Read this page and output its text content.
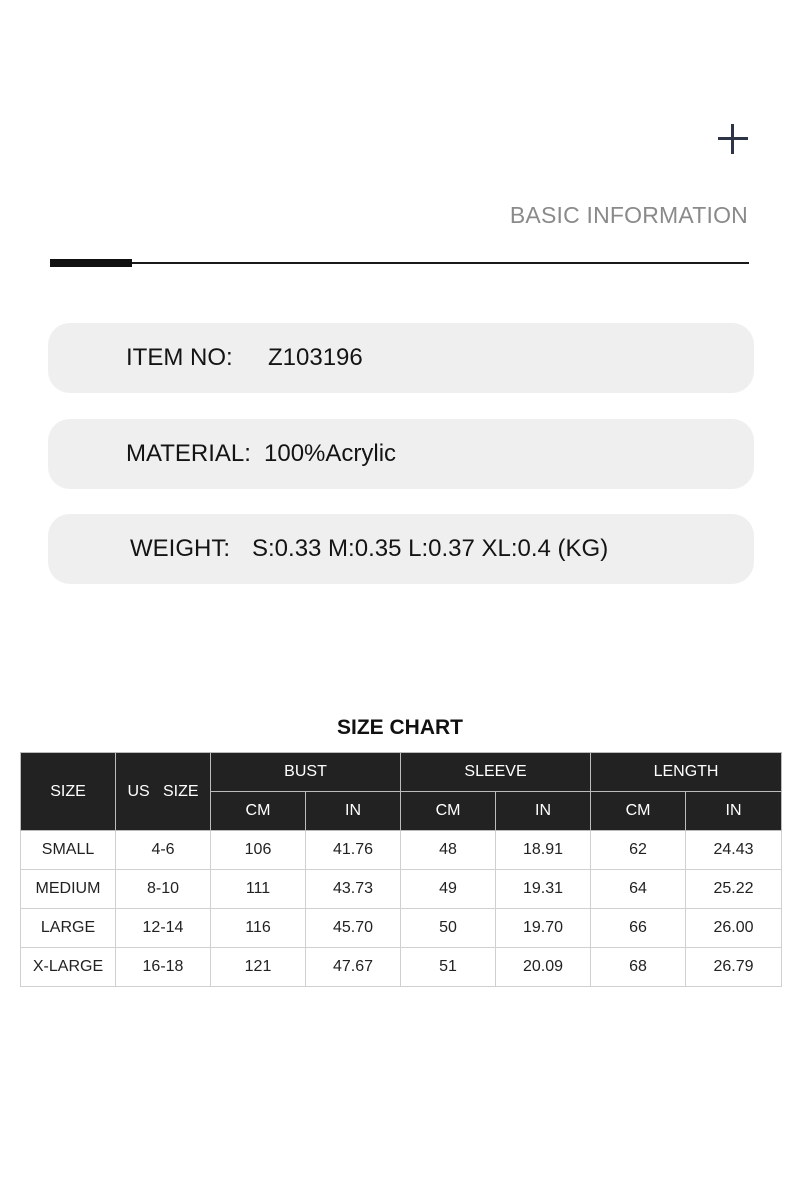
BASIC INFORMATION
ITEM NO:	Z103196
MATERIAL: 100%Acrylic
WEIGHT: S:0.33 M:0.35 L:0.37 XL:0.4 (KG)
SIZE CHART
SIZE	US   SIZE	BUST		SLEEVE		LENGTH	
		CM	IN	CM	IN	CM	IN
SMALL	4-6	106	41.76	48	18.91	62	24.43
MEDIUM	8-10	111	43.73	49	19.31	64	25.22
LARGE	12-14	116	45.70	50	19.70	66	26.00
X-LARGE	16-18	121	47.67	51	20.09	68	26.79
